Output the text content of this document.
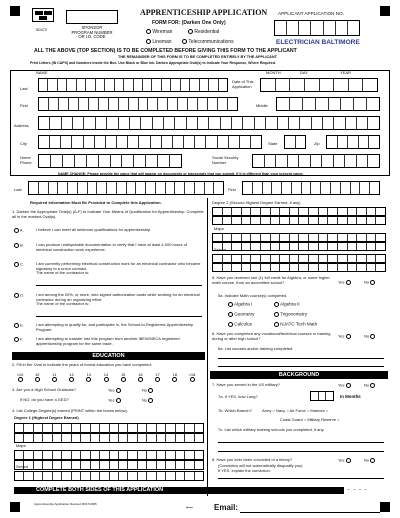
50472	SPONSOR
PROGRAM NUMBER
OR I.D. CODE
APPRENTICESHIP APPLICATION
FORM FOR: (Darken One Only)
Wireman	Residential
Lineman	Telecommunications
APPLICANT APPLICATION NO.
ELECTRICIAN BALTIMORE
ALL THE ABOVE (TOP SECTION) IS TO BE COMPLETED BEFORE GIVING THIS FORM TO THE APPLICANT
THE REMAINDER OF THIS FORM IS TO BE COMPLETED ENTIRELY BY THE APPLICANT
Print Letters (IN CAPS) and Numbers Inside the Box. Use Black or Blue Ink. Darken Appropriate Oval(s) to Indicate Your Response, Where Required.
NAME	MONTH	DAY	YEAR
Last
Date of This
Application
First	Middle
Address
City	State	Zip
Home
Phone
Social Security
Number
NAME CHANGE: Please provide the name that will appear on documents or transcripts that you submit, if it is different than your present name.
Last	First
Required Information Must Be Provided to Complete this Application.
1. Darken the Appropriate Oval(s) (A-F) to Indicate Your Means of Qualification for Apprenticeship. Complete all in the marked Oval(s).
A.	I believe I can meet all minimum qualifications for apprenticeship.
B.	I can produce undisputable documentation to verify that I have at least 4,000 hours of electrical construction work experience.
C.	I am currently performing electrical construction work for an electrical contractor who became signatory to a union contract.
The name of the contractor is:
D.	I am among the 20%, or more, who signed authorization cards while working for an electrical contractor during an organizing effort.
The name of the contractor is:
E.	I am attempting to qualify for, and participate in, the School-to-Registered-Apprenticeship Program.
F.	I am attempting to transfer into this program from another IBEW/NECA registered apprenticeship program for the same trade.
EDUCATION
2. Fill in the Oval to indicate the years of formal education you have completed:
<10	10	11	12	13	14	15	16	17	18	>18
3. Are you a High School Graduate?	Yes	No
If NO, do you have a GED?	Yes	No
4. List College Degree(s) earned (PRINT within the boxes below).
Degree 1 (Highest Degree Earned)
Major
School
COMPLETE BOTH SIDES OF THIS APPLICATION
Apprenticeship Application Revised 06/17/2005
Degree 2 (Second Highest Degree Earned, if any)
Major
School
5. Have you received one (1) full credit for Algebra, or some higher math course, from an accredited school?	Yes	No
5a. Indicate Math course(s) completed.
Algebra I	Algebra II
Geometry	Trigonometry
Calculus	NJATC Tech Math
6. Have you completed any vocational/technical courses or training during or after high school?	Yes	No
6a. List courses and/or training completed.
BACKGROUND
7. Have you served in the US military?	Yes	No
7a. If YES, how Long?	In Months
7b. Which Branch?	Army ○ Navy ○ Air Force ○ Marines ○
Coast Guard ○ Military Reserve ○
7c. List which military training schools you completed, if any.
8. Have you ever been convicted of a felony?	Yes	No
(Conviction will not automatically disqualify you)
If YES, explain the conviction.
- - - - -
⟸	Email:
